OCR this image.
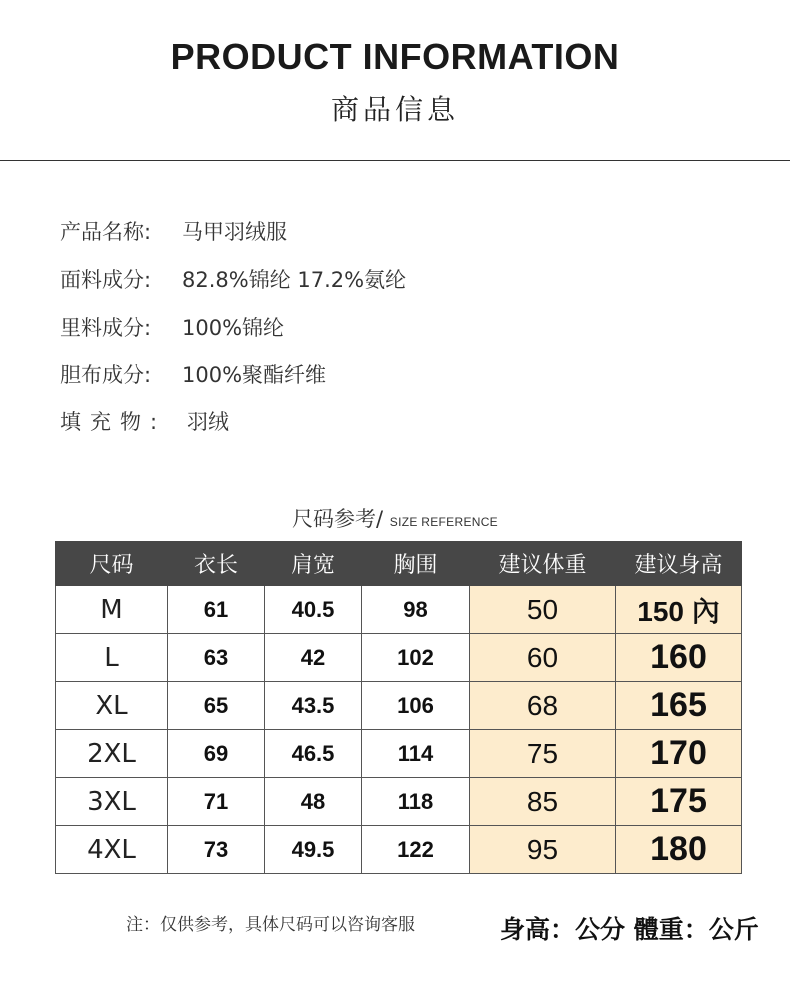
PRODUCT INFORMATION
商品信息
产品名称: 马甲羽绒服
面料成分: 82.8%锦纶 17.2%氨纶
里料成分: 100%锦纶
胆布成分: 100%聚酯纤维
填充物: 羽绒
尺码参考/ SIZE REFERENCE
尺码	衣长	肩宽	胸围	建议体重	建议身高
M	61	40.5	98	50	150 內
L	63	42	102	60	160
XL	65	43.5	106	68	165
2XL	69	46.5	114	75	170
3XL	71	48	118	85	175
4XL	73	49.5	122	95	180
注：仅供参考，具体尺码可以咨询客服	身高：公分 體重：公斤
